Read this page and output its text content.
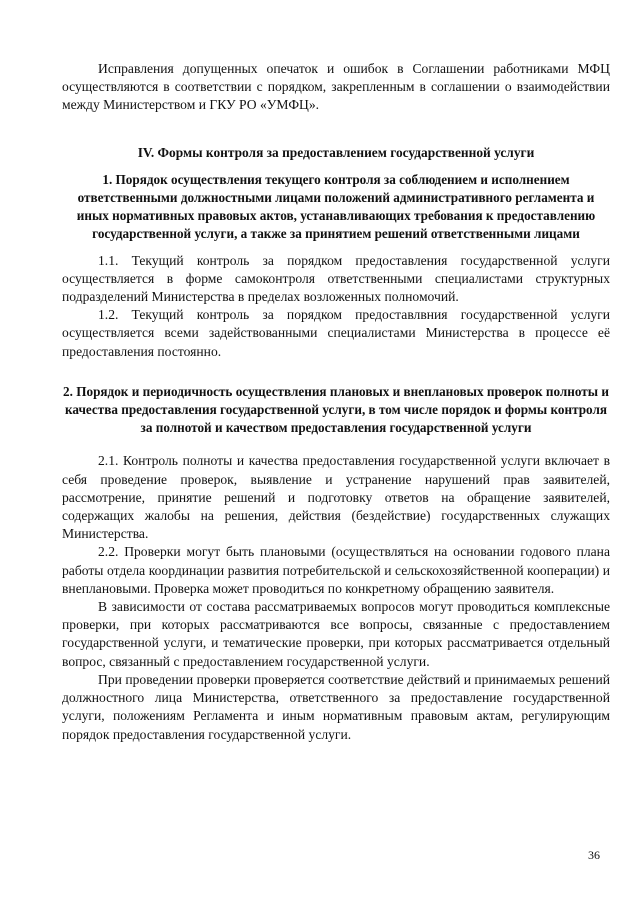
Исправления допущенных опечаток и ошибок в Соглашении работниками МФЦ осуществляются в соответствии с порядком, закрепленным в соглашении о взаимодействии между Министерством и ГКУ РО «УМФЦ».

IV. Формы контроля за предоставлением государственной услуги

1. Порядок осуществления текущего контроля за соблюдением и исполнением ответственными должностными лицами положений административного регламента и иных нормативных правовых актов, устанавливающих требования к предоставлению государственной услуги, а также за принятием решений ответственными лицами

1.1. Текущий контроль за порядком предоставления государственной услуги осуществляется в форме самоконтроля ответственными специалистами структурных подразделений Министерства в пределах возложенных полномочий.

1.2. Текущий контроль за порядком предоставлвния государственной услуги осуществляется всеми задействованными специалистами Министерства в процессе её предоставления постоянно.

2. Порядок и периодичность осуществления плановых и внеплановых проверок полноты и качества предоставления государственной услуги, в том числе порядок и формы контроля за полнотой и качеством предоставления государственной услуги

2.1. Контроль полноты и качества предоставления государственной услуги включает в себя проведение проверок, выявление и устранение нарушений прав заявителей, рассмотрение, принятие решений и подготовку ответов на обращение заявителей, содержащих жалобы на решения, действия (бездействие) государственных служащих Министерства.

2.2. Проверки могут быть плановыми (осуществляться на основании годового плана работы отдела координации развития потребительской и сельскохозяйственной кооперации) и внеплановыми. Проверка может проводиться по конкретному обращению заявителя.

В зависимости от состава рассматриваемых вопросов могут проводиться комплексные проверки, при которых рассматриваются все вопросы, связанные с предоставлением государственной услуги, и тематические проверки, при которых рассматривается отдельный вопрос, связанный с предоставлением государственной услуги.

При проведении проверки проверяется соответствие действий и принимаемых решений должностного лица Министерства, ответственного за предоставление государственной услуги, положениям Регламента и иным нормативным правовым актам, регулирующим порядок предоставления государственной услуги.

36
